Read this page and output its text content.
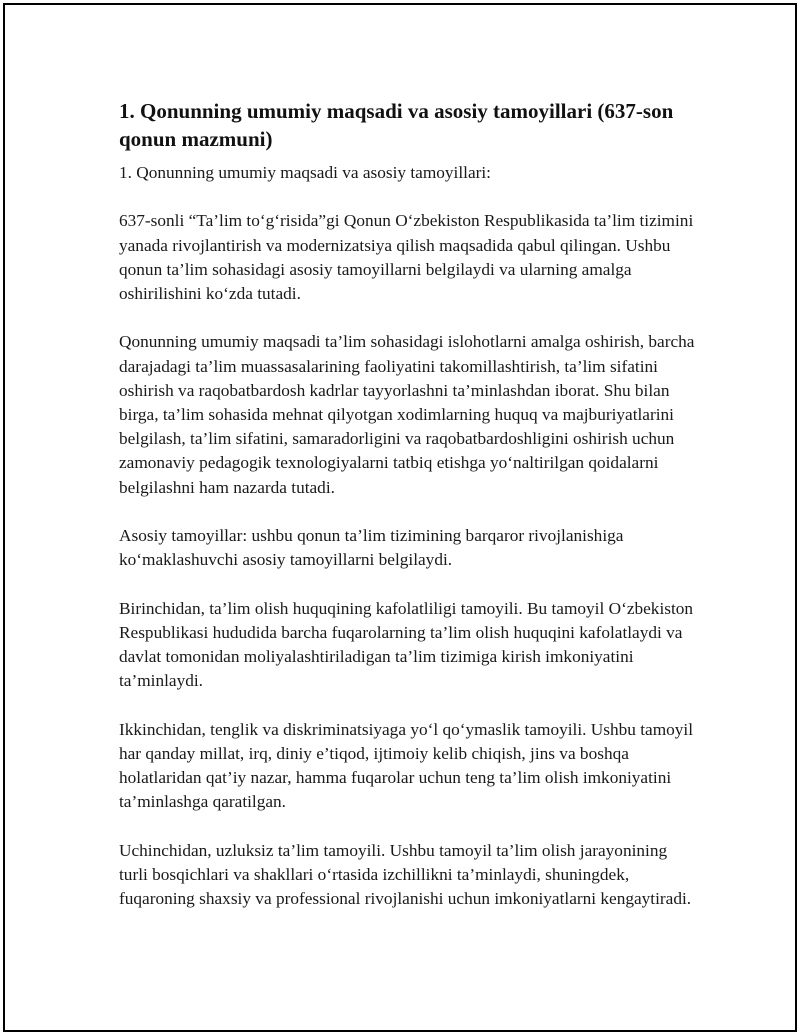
1. Qonunning umumiy maqsadi va asosiy tamoyillari (637-son qonun mazmuni)

1. Qonunning umumiy maqsadi va asosiy tamoyillari:

637-sonli “Ta’lim to‘g‘risida”gi Qonun O‘zbekiston Respublikasida ta’lim tizimini yanada rivojlantirish va modernizatsiya qilish maqsadida qabul qilingan. Ushbu qonun ta’lim sohasidagi asosiy tamoyillarni belgilaydi va ularning amalga oshirilishini ko‘zda tutadi.

Qonunning umumiy maqsadi ta’lim sohasidagi islohotlarni amalga oshirish, barcha darajadagi ta’lim muassasalarining faoliyatini takomillashtirish, ta’lim sifatini oshirish va raqobatbardosh kadrlar tayyorlashni ta’minlashdan iborat. Shu bilan birga, ta’lim sohasida mehnat qilyotgan xodimlarning huquq va majburiyatlarini belgilash, ta’lim sifatini, samaradorligini va raqobatbardoshligini oshirish uchun zamonaviy pedagogik texnologiyalarni tatbiq etishga yo‘naltirilgan qoidalarni belgilashni ham nazarda tutadi.

Asosiy tamoyillar: ushbu qonun ta’lim tizimining barqaror rivojlanishiga ko‘maklashuvchi asosiy tamoyillarni belgilaydi.

Birinchidan, ta’lim olish huquqining kafolatliligi tamoyili. Bu tamoyil O‘zbekiston Respublikasi hududida barcha fuqarolarning ta’lim olish huquqini kafolatlaydi va davlat tomonidan moliyalashtiriladigan ta’lim tizimiga kirish imkoniyatini ta’minlaydi.

Ikkinchidan, tenglik va diskriminatsiyaga yo‘l qo‘ymaslik tamoyili. Ushbu tamoyil har qanday millat, irq, diniy e’tiqod, ijtimoiy kelib chiqish, jins va boshqa holatlaridan qat’iy nazar, hamma fuqarolar uchun teng ta’lim olish imkoniyatini ta’minlashga qaratilgan.

Uchinchidan, uzluksiz ta’lim tamoyili. Ushbu tamoyil ta’lim olish jarayonining turli bosqichlari va shakllari o‘rtasida izchillikni ta’minlaydi, shuningdek, fuqaroning shaxsiy va professional rivojlanishi uchun imkoniyatlarni kengaytiradi.
